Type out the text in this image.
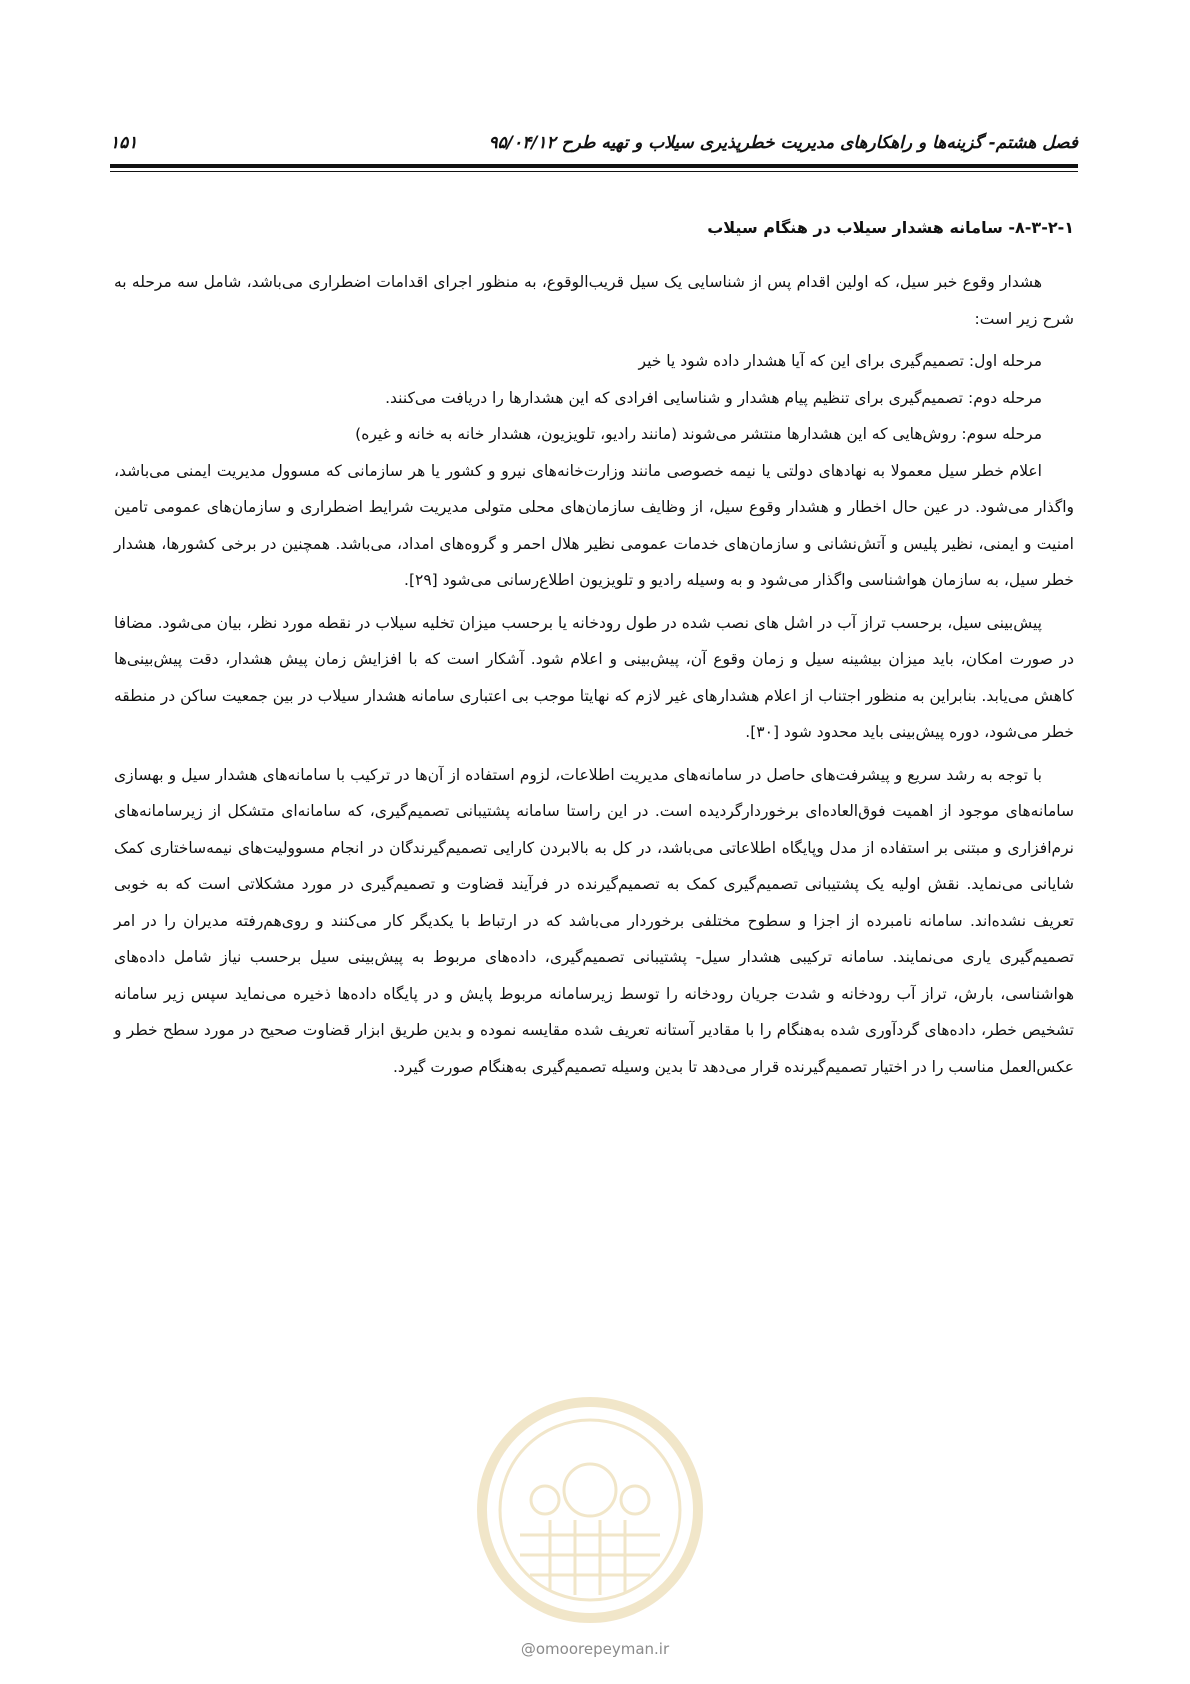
فصل هشتم- گزینه‌ها و راهکارهای مدیریت خطرپذیری سیلاب و تهیه طرح ۹۵/۰۴/۱۲
۱۵۱
۸-۳-۲-۱- سامانه هشدار سیلاب در هنگام سیلاب

هشدار وقوع خبر سیل، که اولین اقدام پس از شناسایی یک سیل قریب‌الوقوع، به منظور اجرای اقدامات اضطراری می‌باشد، شامل سه مرحله به شرح زیر است:

مرحله اول: تصمیم‌گیری برای این که آیا هشدار داده شود یا خیر

مرحله دوم: تصمیم‌گیری برای تنظیم پیام هشدار و شناسایی افرادی که این هشدارها را دریافت می‌کنند.

مرحله سوم: روش‌هایی که این هشدارها منتشر می‌شوند (مانند رادیو، تلویزیون، هشدار خانه به خانه و غیره)

اعلام خطر سیل معمولا به نهادهای دولتی یا نیمه خصوصی مانند وزارت‌خانه‌های نیرو و کشور یا هر سازمانی که مسوول مدیریت ایمنی می‌باشد، واگذار می‌شود. در عین حال اخطار و هشدار وقوع سیل، از وظایف سازمان‌های محلی متولی مدیریت شرایط اضطراری و سازمان‌های عمومی تامین امنیت و ایمنی، نظیر پلیس و آتش‌نشانی و سازمان‌های خدمات عمومی نظیر هلال احمر و گروه‌های امداد، می‌باشد. همچنین در برخی کشورها، هشدار خطر سیل، به سازمان هواشناسی واگذار می‌شود و به وسیله رادیو و تلویزیون اطلاع‌رسانی می‌شود [۲۹].

پیش‌بینی سیل، برحسب تراز آب در اشل های نصب شده در طول رودخانه یا برحسب میزان تخلیه سیلاب در نقطه مورد نظر، بیان می‌شود. مضافا در صورت امکان، باید میزان بیشینه سیل و زمان وقوع آن، پیش‌بینی و اعلام شود. آشکار است که با افزایش زمان پیش هشدار، دقت پیش‌بینی‌ها کاهش می‌یابد. بنابراین به منظور اجتناب از اعلام هشدارهای غیر لازم که نهایتا موجب بی اعتباری سامانه هشدار سیلاب در بین جمعیت ساکن در منطقه خطر می‌شود، دوره پیش‌بینی باید محدود شود [۳۰].

با توجه به رشد سریع و پیشرفت‌های حاصل در سامانه‌های مدیریت اطلاعات، لزوم استفاده از آن‌ها در ترکیب با سامانه‌های هشدار سیل و بهسازی سامانه‌های موجود از اهمیت فوق‌العاده‌ای برخوردارگردیده است. در این راستا سامانه پشتیبانی تصمیم‌گیری، که سامانه‌ای متشکل از زیرسامانه‌های نرم‌افزاری و مبتنی بر استفاده از مدل وپایگاه اطلاعاتی می‌باشد، در کل به بالابردن کارایی تصمیم‌گیرندگان در انجام مسوولیت‌های نیمه‌ساختاری کمک شایانی می‌نماید. نقش اولیه یک پشتیبانی تصمیم‌گیری کمک به تصمیم‌گیرنده در فرآیند قضاوت و تصمیم‌گیری در مورد مشکلاتی است که به خوبی تعریف نشده‌اند. سامانه نامبرده از اجزا و سطوح مختلفی برخوردار می‌باشد که در ارتباط با یکدیگر کار می‌کنند و روی‌هم‌رفته مدیران را در امر تصمیم‌گیری یاری می‌نمایند. سامانه ترکیبی هشدار سیل- پشتیبانی تصمیم‌گیری، داده‌های مربوط به پیش‌بینی سیل برحسب نیاز شامل داده‌های هواشناسی، بارش، تراز آب رودخانه و شدت جریان رودخانه را توسط زیرسامانه مربوط پایش و در پایگاه داده‌ها ذخیره می‌نماید سپس زیر سامانه تشخیص خطر، داده‌های گردآوری شده به‌هنگام را با مقادیر آستانه تعریف شده مقایسه نموده و بدین طریق ابزار قضاوت صحیح در مورد سطح خطر و عکس‌العمل مناسب را در اختیار تصمیم‌گیرنده قرار می‌دهد تا بدین وسیله تصمیم‌گیری به‌هنگام صورت گیرد.

@omoorepeyman.ir
